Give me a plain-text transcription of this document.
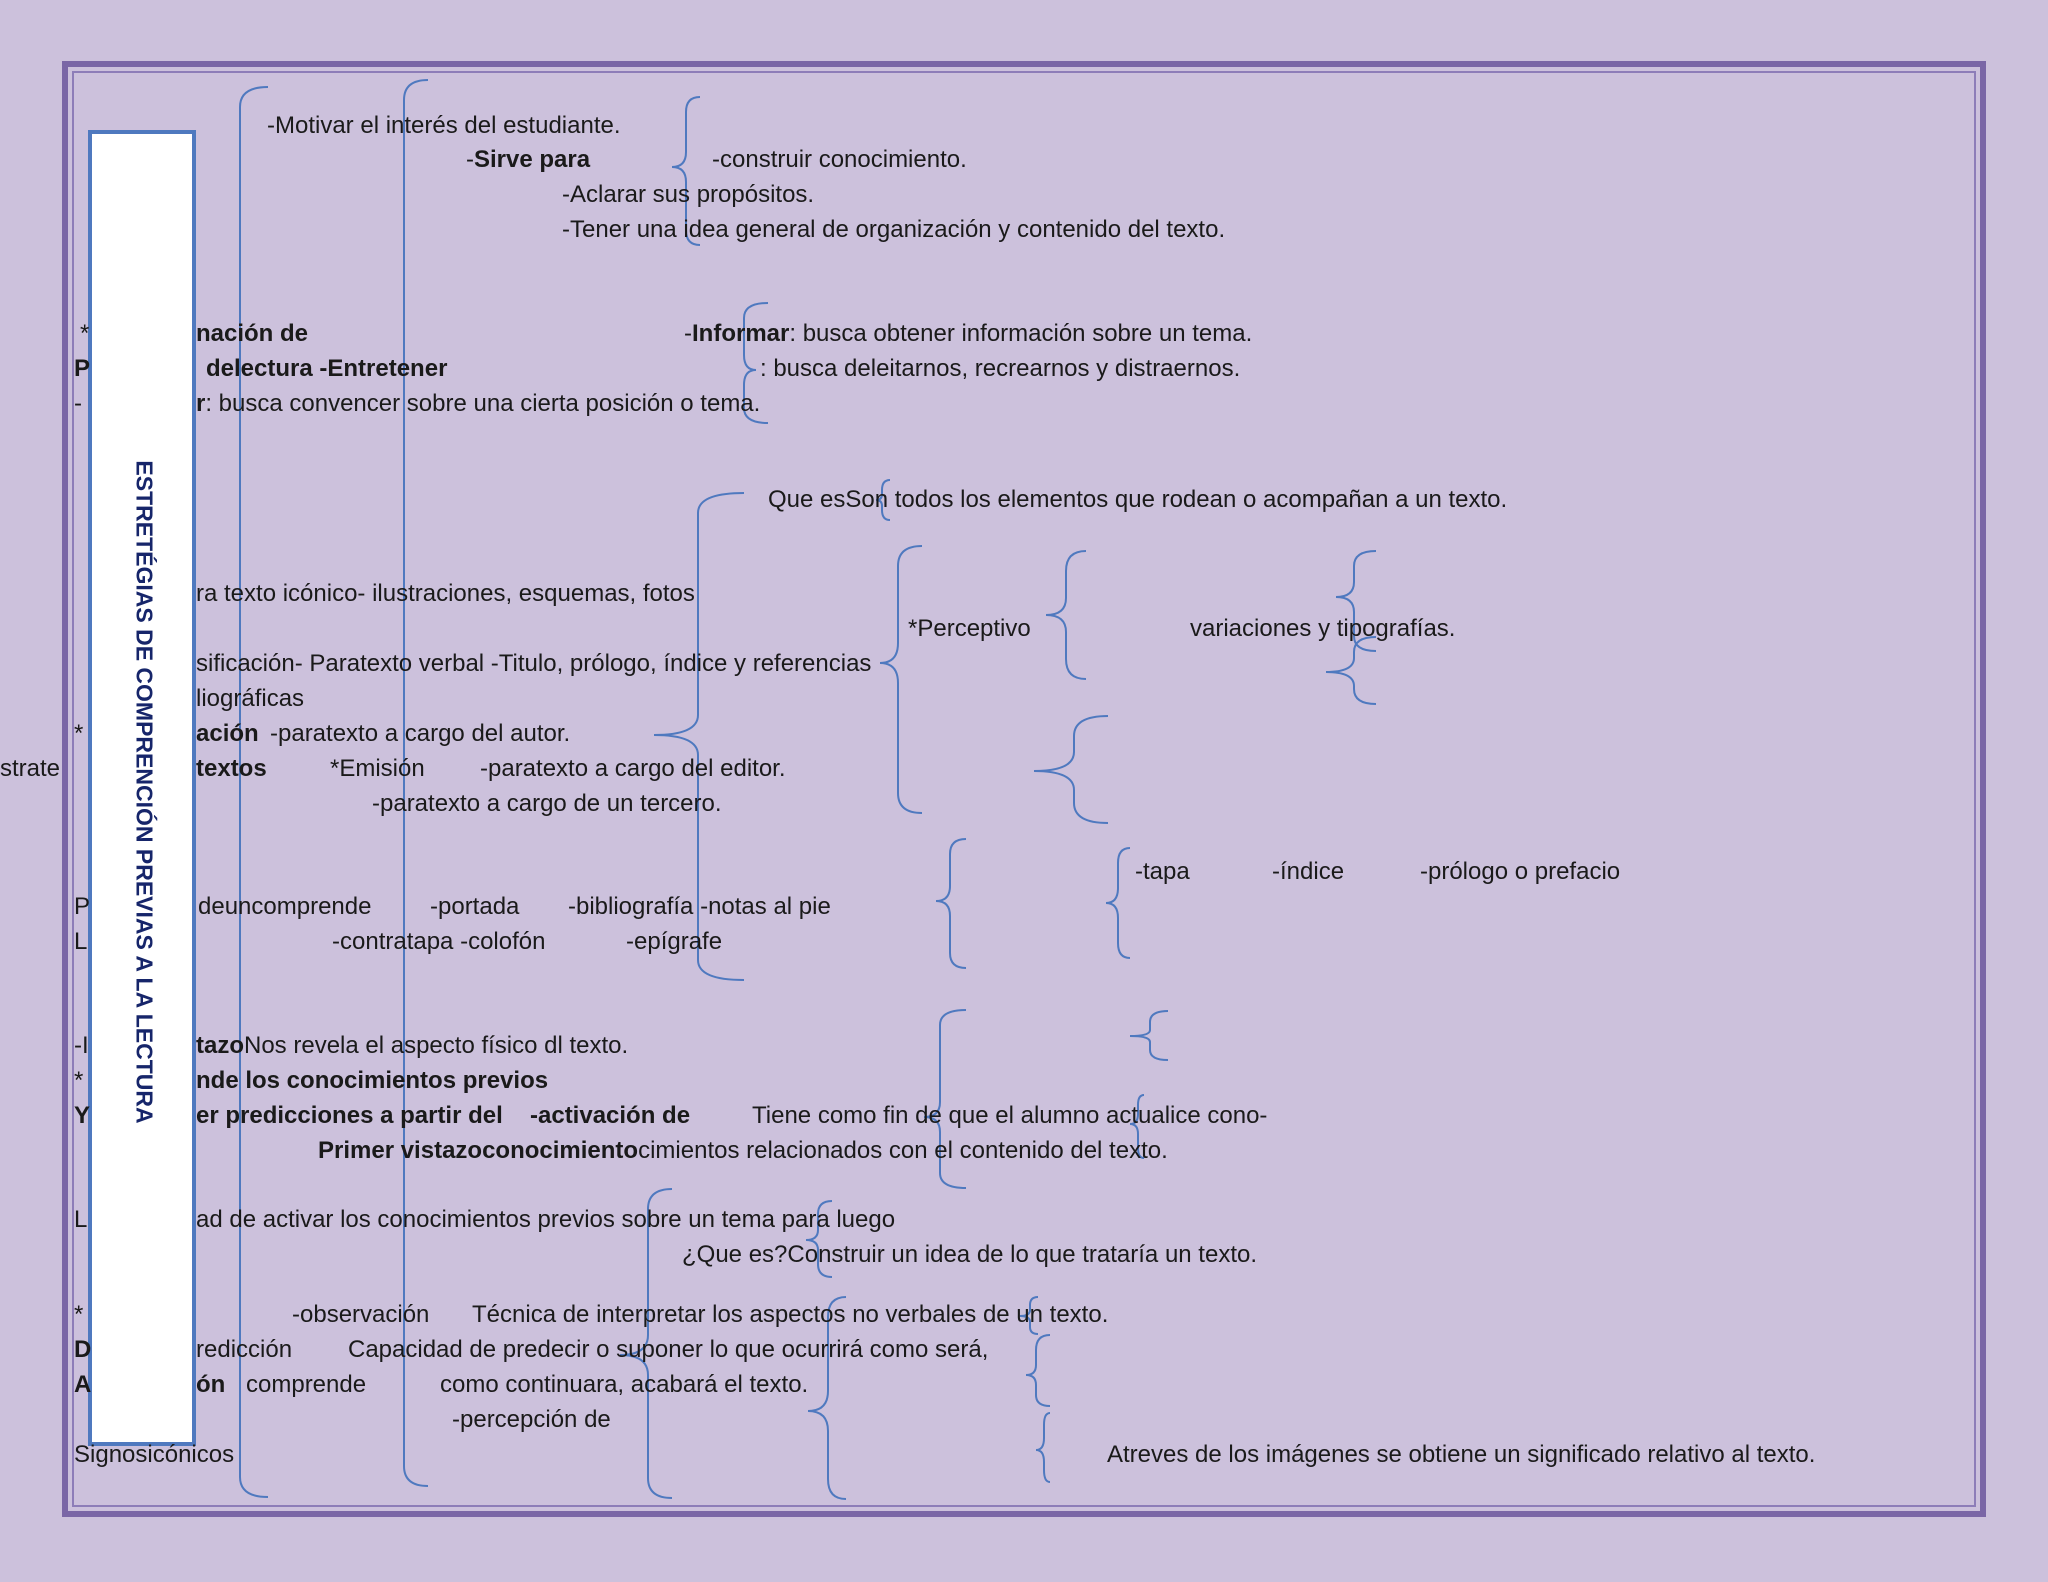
ESTRETÉGIAS DE COMPRENCIÓN PREVIAS A LA LECTURA
-Motivar el interés del estudiante.
-Sirve para	-construir conocimiento.
-Aclarar sus propósitos.
-Tener una idea general de organización y contenido del texto.
*	nación de	-Informar: busca obtener información sobre un tema.
P	delectura -Entretener	: busca deleitarnos, recrearnos y distraernos.
-	r: busca convencer sobre una cierta posición o tema.
Que esSon todos los elementos que rodean o acompañan a un texto.
ra texto icónico- ilustraciones, esquemas, fotos
*Perceptivo	variaciones y tipografías.
sificación- Paratexto verbal -Titulo, prólogo, índice y referencias
liográficas
*	ación -paratexto a cargo del autor.
strate	textos	*Emisión -paratexto a cargo del editor.
-paratexto a cargo de un tercero.
-tapa	-índice	-prólogo o prefacio
P	deuncomprende -portada -bibliografía -notas al pie
L	-contratapa -colofón	-epígrafe
-I	tazoNos revela el aspecto físico dl texto.
*	nde los conocimientos previos
Y	er predicciones a partir del -activación de	Tiene como fin de que el alumno actualice cono-
Primer vistazoconocimientocimientos relacionados con el contenido del texto.
L	ad de activar los conocimientos previos sobre un tema para luego
¿Que es?Construir un idea de lo que trataría un texto.
*	-observación Técnica de interpretar los aspectos no verbales de un texto.
D	redicción Capacidad de predecir o suponer lo que ocurrirá como será,
A	ón comprende	como continuara, acabará el texto.
-percepción de
Signosicónicos	Atreves de los imágenes se obtiene un significado relativo al texto.
